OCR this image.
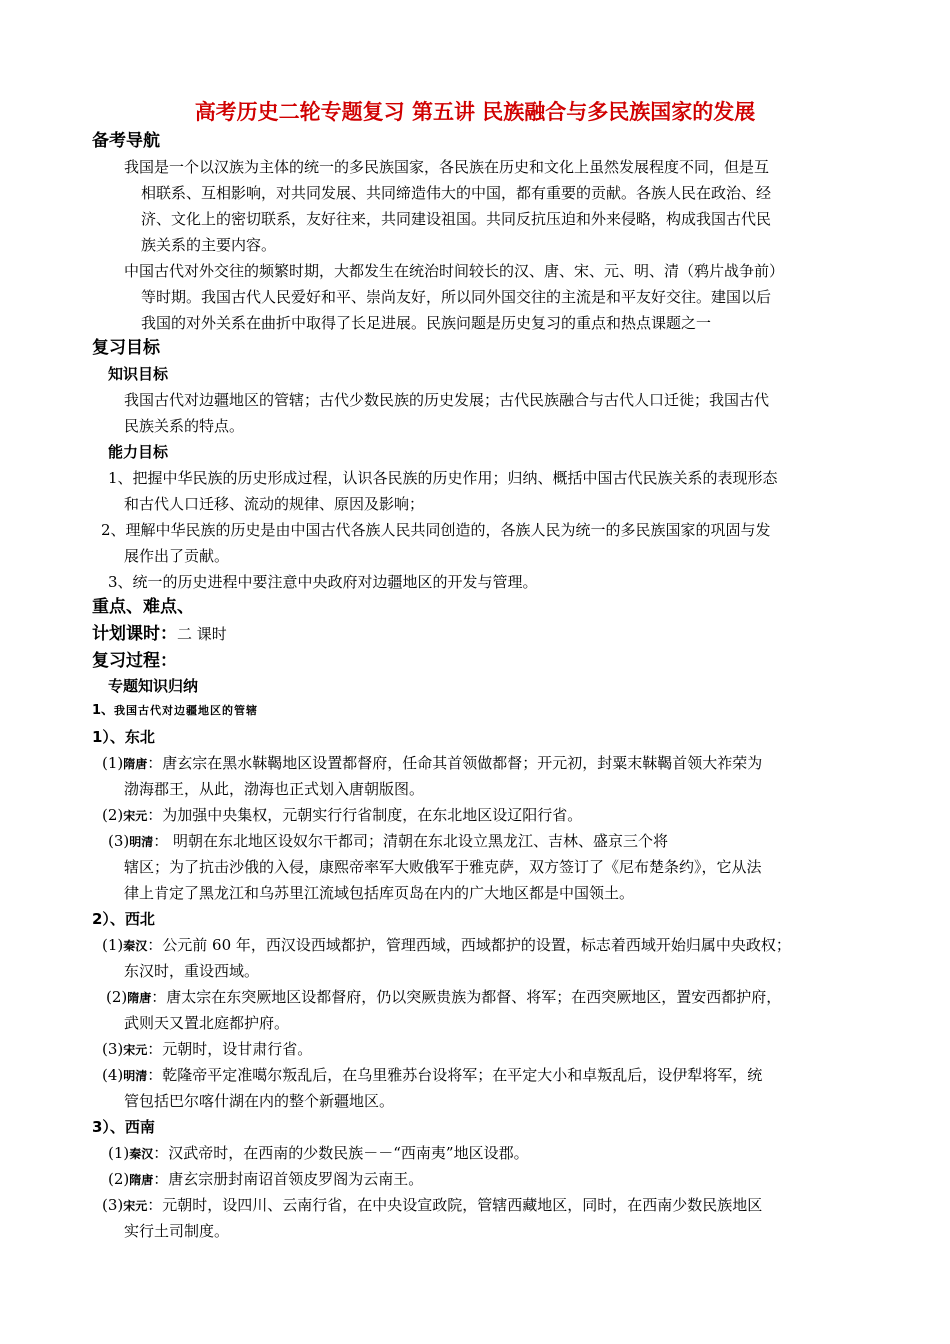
高考历史二轮专题复习 第五讲 民族融合与多民族国家的发展
备考导航
我国是一个以汉族为主体的统一的多民族国家，各民族在历史和文化上虽然发展程度不同，但是互
相联系、互相影响，对共同发展、共同缔造伟大的中国，都有重要的贡献。各族人民在政治、经
济、文化上的密切联系，友好往来，共同建设祖国。共同反抗压迫和外来侵略，构成我国古代民
族关系的主要内容。
中国古代对外交往的频繁时期，大都发生在统治时间较长的汉、唐、宋、元、明、清（鸦片战争前）
等时期。我国古代人民爱好和平、崇尚友好，所以同外国交往的主流是和平友好交往。建国以后
我国的对外关系在曲折中取得了长足进展。民族问题是历史复习的重点和热点课题之一
复习目标
知识目标
我国古代对边疆地区的管辖；古代少数民族的历史发展；古代民族融合与古代人口迁徙；我国古代
民族关系的特点。
能力目标
1、把握中华民族的历史形成过程，认识各民族的历史作用；归纳、概括中国古代民族关系的表现形态
和古代人口迁移、流动的规律、原因及影响；
2、理解中华民族的历史是由中国古代各族人民共同创造的，各族人民为统一的多民族国家的巩固与发
展作出了贡献。
3、统一的历史进程中要注意中央政府对边疆地区的开发与管理。
重点、难点、
计划课时：二 课时
复习过程：
专题知识归纳
1、我国古代对边疆地区的管辖
1）、东北
(1)隋唐：唐玄宗在黑水靺鞨地区设置都督府，任命其首领做都督；开元初，封粟末靺鞨首领大祚荣为
渤海郡王，从此，渤海也正式划入唐朝版图。
(2)宋元：为加强中央集权，元朝实行行省制度，在东北地区设辽阳行省。
(3)明清： 明朝在东北地区设奴尔干都司；清朝在东北设立黑龙江、吉林、盛京三个将
辖区；为了抗击沙俄的入侵，康熙帝率军大败俄军于雅克萨，双方签订了《尼布楚条约》，它从法
律上肯定了黑龙江和乌苏里江流域包括库页岛在内的广大地区都是中国领土。
2）、西北
(1)秦汉：公元前 60 年，西汉设西域都护，管理西域，西域都护的设置，标志着西域开始归属中央政权；
东汉时，重设西域。
(2)隋唐：唐太宗在东突厥地区设都督府，仍以突厥贵族为都督、将军；在西突厥地区，置安西都护府，
武则天又置北庭都护府。
(3)宋元：元朝时，设甘肃行省。
(4)明清：乾隆帝平定准噶尔叛乱后，在乌里雅苏台设将军；在平定大小和卓叛乱后，设伊犁将军，统
管包括巴尔喀什湖在内的整个新疆地区。
3）、西南
(1)秦汉：汉武帝时，在西南的少数民族－－“西南夷”地区设郡。
(2)隋唐：唐玄宗册封南诏首领皮罗阁为云南王。
(3)宋元：元朝时，设四川、云南行省，在中央设宣政院，管辖西藏地区，同时，在西南少数民族地区
实行土司制度。
